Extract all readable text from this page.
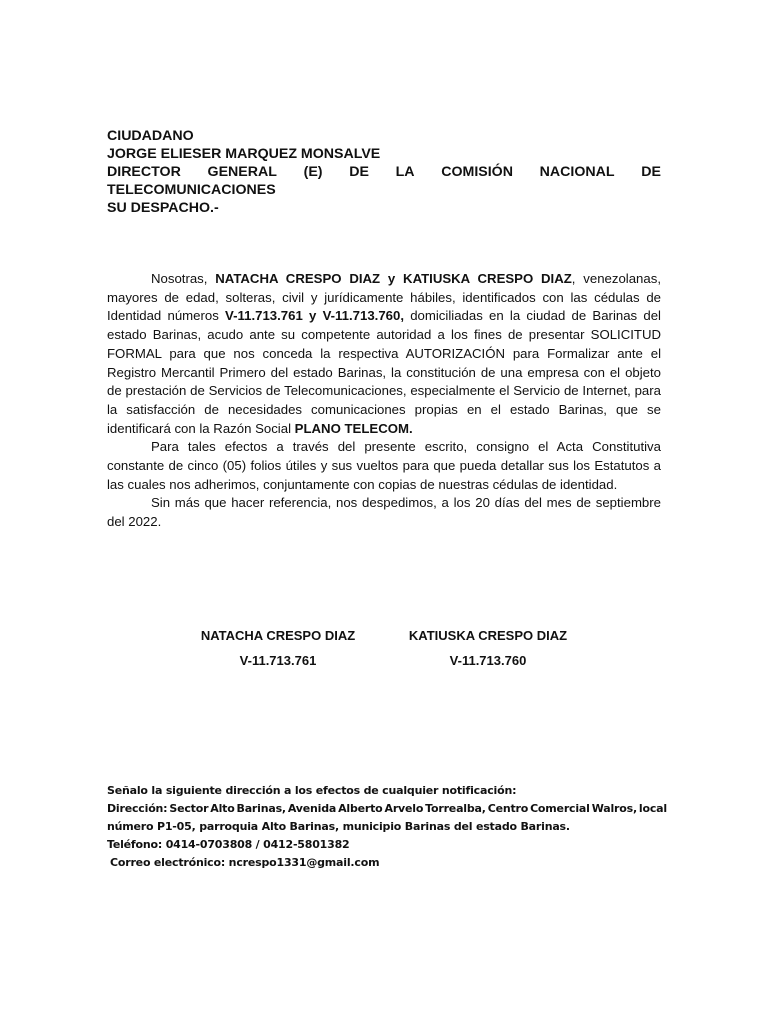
CIUDADANO
JORGE ELIESER MARQUEZ MONSALVE
DIRECTOR GENERAL (E) DE LA COMISIÓN NACIONAL DE
TELECOMUNICACIONES
SU DESPACHO.-

Nosotras, NATACHA CRESPO DIAZ y KATIUSKA CRESPO DIAZ, venezolanas, mayores de edad, solteras, civil y jurídicamente hábiles, identificados con las cédulas de Identidad números V-11.713.761 y V-11.713.760, domiciliadas en la ciudad de Barinas del estado Barinas, acudo ante su competente autoridad a los fines de presentar SOLICITUD FORMAL para que nos conceda la respectiva AUTORIZACIÓN para Formalizar ante el Registro Mercantil Primero del estado Barinas, la constitución de una empresa con el objeto de prestación de Servicios de Telecomunicaciones, especialmente el Servicio de Internet, para la satisfacción de necesidades comunicaciones propias en el estado Barinas, que se identificará con la Razón Social PLANO TELECOM.

Para tales efectos a través del presente escrito, consigno el Acta Constitutiva constante de cinco (05) folios útiles y sus vueltos para que pueda detallar sus los Estatutos a las cuales nos adherimos, conjuntamente con copias de nuestras cédulas de identidad.

Sin más que hacer referencia, nos despedimos, a los 20 días del mes de septiembre del 2022.

NATACHA CRESPO DIAZ
V-11.713.761
KATIUSKA CRESPO DIAZ
V-11.713.760
Señalo la siguiente dirección a los efectos de cualquier notificación:
Dirección: Sector Alto Barinas, Avenida Alberto Arvelo Torrealba, Centro Comercial Walros, local
número P1-05, parroquia Alto Barinas, municipio Barinas del estado Barinas.
Teléfono: 0414-0703808 / 0412-5801382
Correo electrónico: ncrespo1331@gmail.com
